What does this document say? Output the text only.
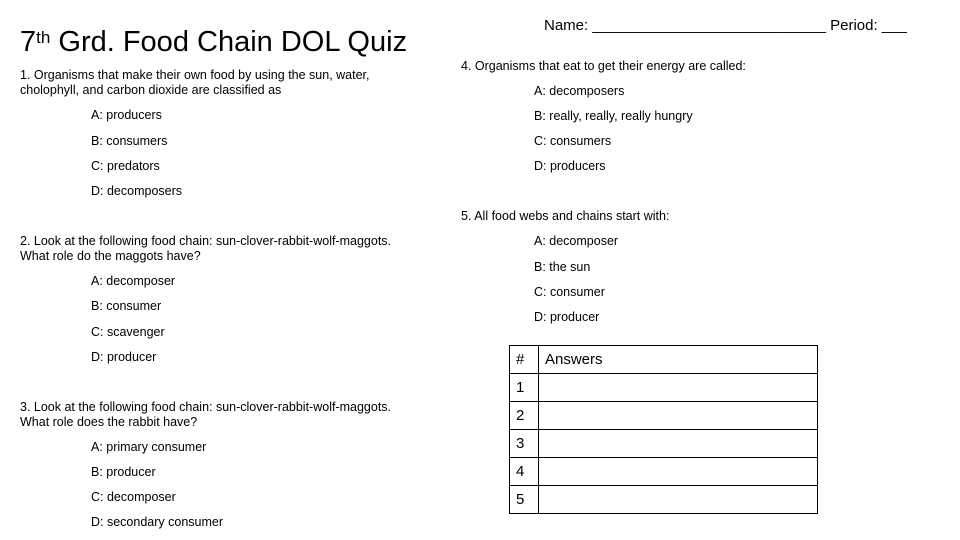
7th Grd. Food Chain DOL Quiz
Name: ____________________________ Period: ___
1. Organisms that make their own food by using the sun, water,
cholophyll, and carbon dioxide are classified as
A: producers
B: consumers
C: predators
D: decomposers
2. Look at the following food chain: sun-clover-rabbit-wolf-maggots.
What role do the maggots have?
A: decomposer
B: consumer
C: scavenger
D: producer
3. Look at the following food chain: sun-clover-rabbit-wolf-maggots.
What role does the rabbit have?
A: primary consumer
B: producer
C: decomposer
D: secondary consumer
4. Organisms that eat to get their energy are called:
A: decomposers
B: really, really, really hungry
C: consumers
D: producers
5. All food webs and chains start with:
A: decomposer
B: the sun
C: consumer
D: producer
#	Answers
1	
2	
3	
4	
5	
